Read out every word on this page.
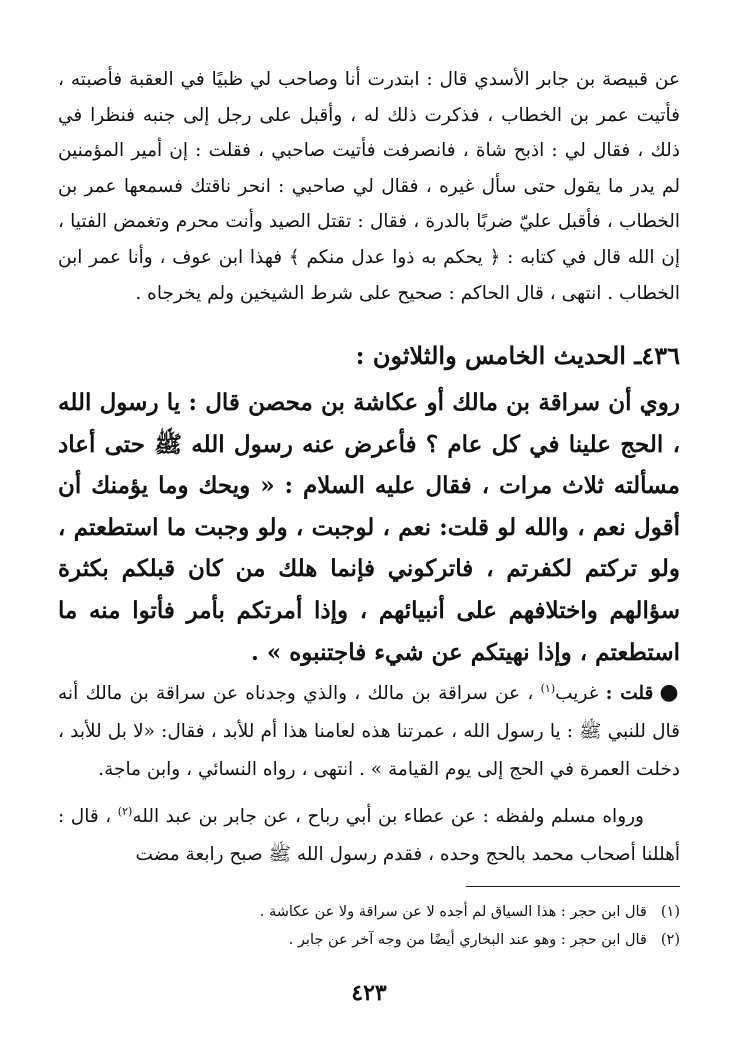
عن قبيصة بن جابر الأسدي قال : ابتدرت أنا وصاحب لي ظبيًا في العقبة فأصبته ، فأتيت عمر بن الخطاب ، فذكرت ذلك له ، وأقبل على رجل إلى جنبه فنظرا في ذلك ، فقال لي : اذبح شاة ، فانصرفت فأتيت صاحبي ، فقلت : إن أمير المؤمنين لم يدر ما يقول حتى سأل غيره ، فقال لي صاحبي : انحر ناقتك فسمعها عمر بن الخطاب ، فأقبل عليّ ضربًا بالدرة ، فقال : تقتل الصيد وأنت محرم وتغمض الفتيا ، إن الله قال في كتابه : ﴿ يحكم به ذوا عدل منكم ﴾ فهذا ابن عوف ، وأنا عمر ابن الخطاب . انتهى ، قال الحاكم : صحيح على شرط الشيخين ولم يخرجاه .

٤٣٦ـ الحديث الخامس والثلاثون :

روي أن سراقة بن مالك أو عكاشة بن محصن قال : يا رسول الله ، الحج علينا في كل عام ؟ فأعرض عنه رسول الله ﷺ حتى أعاد مسألته ثلاث مرات ، فقال عليه السلام : « ويحك وما يؤمنك أن أقول نعم ، والله لو قلت: نعم ، لوجبت ، ولو وجبت ما استطعتم ، ولو تركتم لكفرتم ، فاتركوني فإنما هلك من كان قبلكم بكثرة سؤالهم واختلافهم على أنبيائهم ، وإذا أمرتكم بأمر فأتوا منه ما استطعتم ، وإذا نهيتكم عن شيء فاجتنبوه » .

●قلت : غريب$^{(١)}$ ، عن سراقة بن مالك ، والذي وجدناه عن سراقة بن مالك أنه قال للنبي ﷺ : يا رسول الله ، عمرتنا هذه لعامنا هذا أم للأبد ، فقال: «لا بل للأبد ، دخلت العمرة في الحج إلى يوم القيامة » . انتهى ، رواه النسائي ، وابن ماجة.

ورواه مسلم ولفظه : عن عطاء بن أبي رباح ، عن جابر بن عبد الله$^{(٢)}$ ، قال : أهللنا أصحاب محمد بالحج وحده ، فقدم رسول الله ﷺ صبح رابعة مضت

(١)
قال ابن حجر : هذا السياق لم أجده لا عن سراقة ولا عن عكاشة .
(٢)
قال ابن حجر : وهو عند البخاري أيضًا من وجه آخر عن جابر .
٤٢٣
